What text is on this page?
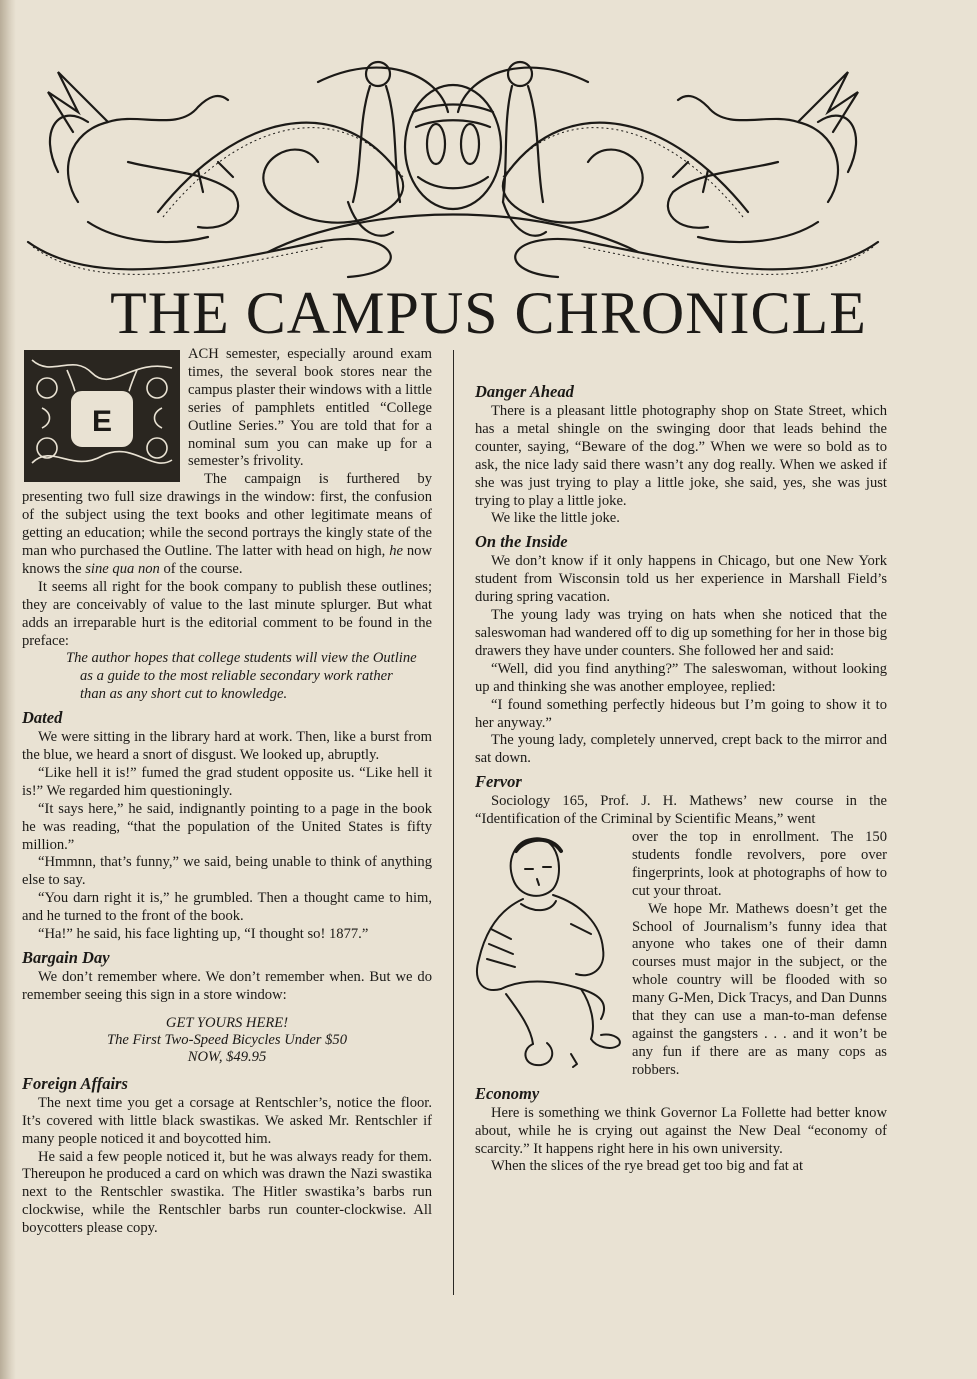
THE CAMPUS CHRONICLE
E

ACH semester, especially around exam times, the several book stores near the campus plaster their windows with a little series of pamphlets entitled “College Outline Series.” You are told that for a nominal sum you can make up for a semester’s frivolity.

The campaign is furthered by presenting two full size drawings in the window: first, the confusion of the subject using the text books and other legitimate means of getting an education; while the second portrays the kingly state of the man who purchased the Outline. The latter with head on high, he now knows the sine qua non of the course.

It seems all right for the book company to publish these outlines; they are conceivably of value to the last minute splurger. But what adds an irreparable hurt is the editorial comment to be found in the preface:

The author hopes that college students will view the Outline as a guide to the most reliable secondary work rather than as any short cut to knowledge.

Dated

We were sitting in the library hard at work. Then, like a burst from the blue, we heard a snort of disgust. We looked up, abruptly.

“Like hell it is!” fumed the grad student opposite us. “Like hell it is!” We regarded him questioningly.

“It says here,” he said, indignantly pointing to a page in the book he was reading, “that the population of the United States is fifty million.”

“Hmmnn, that’s funny,” we said, being unable to think of anything else to say.

“You darn right it is,” he grumbled. Then a thought came to him, and he turned to the front of the book.

“Ha!” he said, his face lighting up, “I thought so! 1877.”

Bargain Day

We don’t remember where. We don’t remember when. But we do remember seeing this sign in a store window:

GET YOURS HERE!
The First Two-Speed Bicycles Under $50
NOW, $49.95
Foreign Affairs

The next time you get a corsage at Rentschler’s, notice the floor. It’s covered with little black swastikas. We asked Mr. Rentschler if many people noticed it and boycotted him.

He said a few people noticed it, but he was always ready for them. Thereupon he produced a card on which was drawn the Nazi swastika next to the Rentschler swastika. The Hitler swastika’s barbs run clockwise, while the Rentschler barbs run counter-clockwise. All boycotters please copy.

Danger Ahead

There is a pleasant little photography shop on State Street, which has a metal shingle on the swinging door that leads behind the counter, saying, “Beware of the dog.” When we were so bold as to ask, the nice lady said there wasn’t any dog really. When we asked if she was just trying to play a little joke, she said, yes, she was just trying to play a little joke.

We like the little joke.

On the Inside

We don’t know if it only happens in Chicago, but one New York student from Wisconsin told us her experience in Marshall Field’s during spring vacation.

The young lady was trying on hats when she noticed that the saleswoman had wandered off to dig up something for her in those big drawers they have under counters. She followed her and said:

“Well, did you find anything?” The saleswoman, without looking up and thinking she was another employee, replied:

“I found something perfectly hideous but I’m going to show it to her anyway.”

The young lady, completely unnerved, crept back to the mirror and sat down.

Fervor

Sociology 165, Prof. J. H. Mathews’ new course in the “Identification of the Criminal by Scientific Means,” went

over the top in enrollment. The 150 students fondle revolvers, pore over fingerprints, look at photographs of how to cut your throat.

We hope Mr. Mathews doesn’t get the School of Journalism’s funny idea that anyone who takes one of their damn courses must major in the subject, or the whole country will be flooded with so many G-Men, Dick Tracys, and Dan Dunns that they can use a man-to-man defense against the gangsters . . . and it won’t be any fun if there are as many cops as robbers.

Economy

Here is something we think Governor La Follette had better know about, while he is crying out against the New Deal “economy of scarcity.” It happens right here in his own university.

When the slices of the rye bread get too big and fat at
